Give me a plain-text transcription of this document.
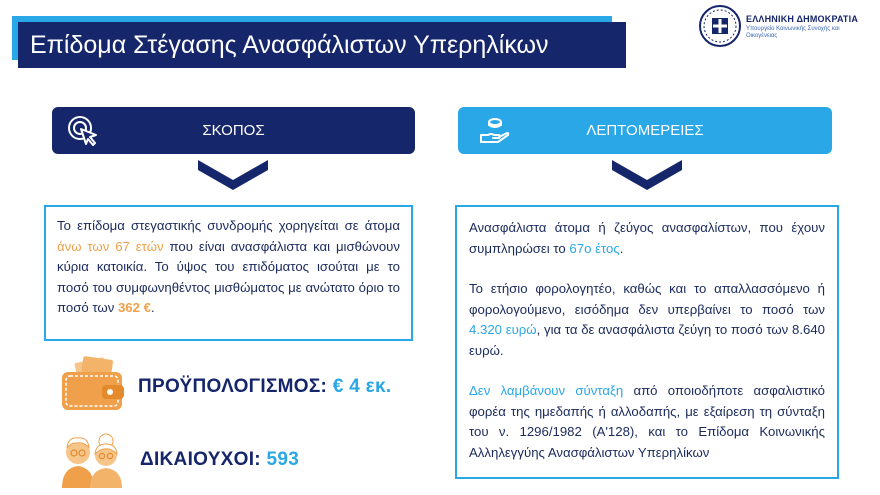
Επίδομα Στέγασης Ανασφάλιστων Υπερηλίκων
ΕΛΛΗΝΙΚΗ ΔΗΜΟΚΡΑΤΙΑ
Υπουργείο Κοινωνικής Συνοχής και Οικογένειας
ΣΚΟΠΟΣ	ΛΕΠΤΟΜΕΡΕΙΕΣ

Το επίδομα στεγαστικής συνδρομής χορηγείται σε άτομα άνω των 67 ετών που είναι ανασφάλιστα και μισθώνουν κύρια κατοικία. Το ύψος του επιδόματος ισούται με το ποσό του συμφωνηθέντος μισθώματος με ανώτατο όριο το ποσό των 362 €.

Ανασφάλιστα άτομα ή ζεύγος ανασφαλίστων, που έχουν συμπληρώσει το 67ο έτος.

Το ετήσιο φορολογητέο, καθώς και το απαλλασσόμενο ή φορολογούμενο, εισόδημα δεν υπερβαίνει το ποσό των 4.320 ευρώ, για τα δε ανασφάλιστα ζεύγη το ποσό των 8.640 ευρώ.

Δεν λαμβάνουν σύνταξη από οποιοδήποτε ασφαλιστικό φορέα της ημεδαπής ή αλλοδαπής, με εξαίρεση τη σύνταξη του ν. 1296/1982 (Α'128), και το Επίδομα Κοινωνικής Αλληλεγγύης Ανασφάλιστων Υπερηλίκων

ΠΡΟΫΠΟΛΟΓΙΣΜΟΣ: € 4 εκ.
ΔΙΚΑΙΟΥΧΟΙ: 593
